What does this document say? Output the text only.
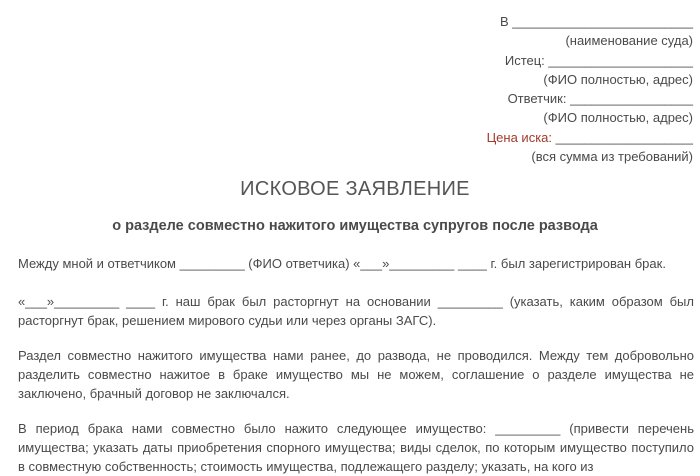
В _________________________
(наименование суда)
Истец: ____________________
(ФИО полностью, адрес)
Ответчик: _________________
(ФИО полностью, адрес)
Цена иска: ___________________
(вся сумма из требований)
ИСКОВОЕ ЗАЯВЛЕНИЕ
о разделе совместно нажитого имущества супругов после развода

Между мной и ответчиком _________ (ФИО ответчика) «___»_________ ____ г. был зарегистрирован брак.

«___»_________ ____ г. наш брак был расторгнут на основании _________ (указать, каким образом был расторгнут брак, решением мирового судьи или через органы ЗАГС).

Раздел совместно нажитого имущества нами ранее, до развода, не проводился. Между тем добровольно разделить совместно нажитое в браке имущество мы не можем, соглашение о разделе имущества не заключено, брачный договор не заключался.

В период брака нами совместно было нажито следующее имущество: _________ (привести перечень имущества; указать даты приобретения спорного имущества; виды сделок, по которым имущество поступило в совместную собственность; стоимость имущества, подлежащего разделу; указать, на кого из
